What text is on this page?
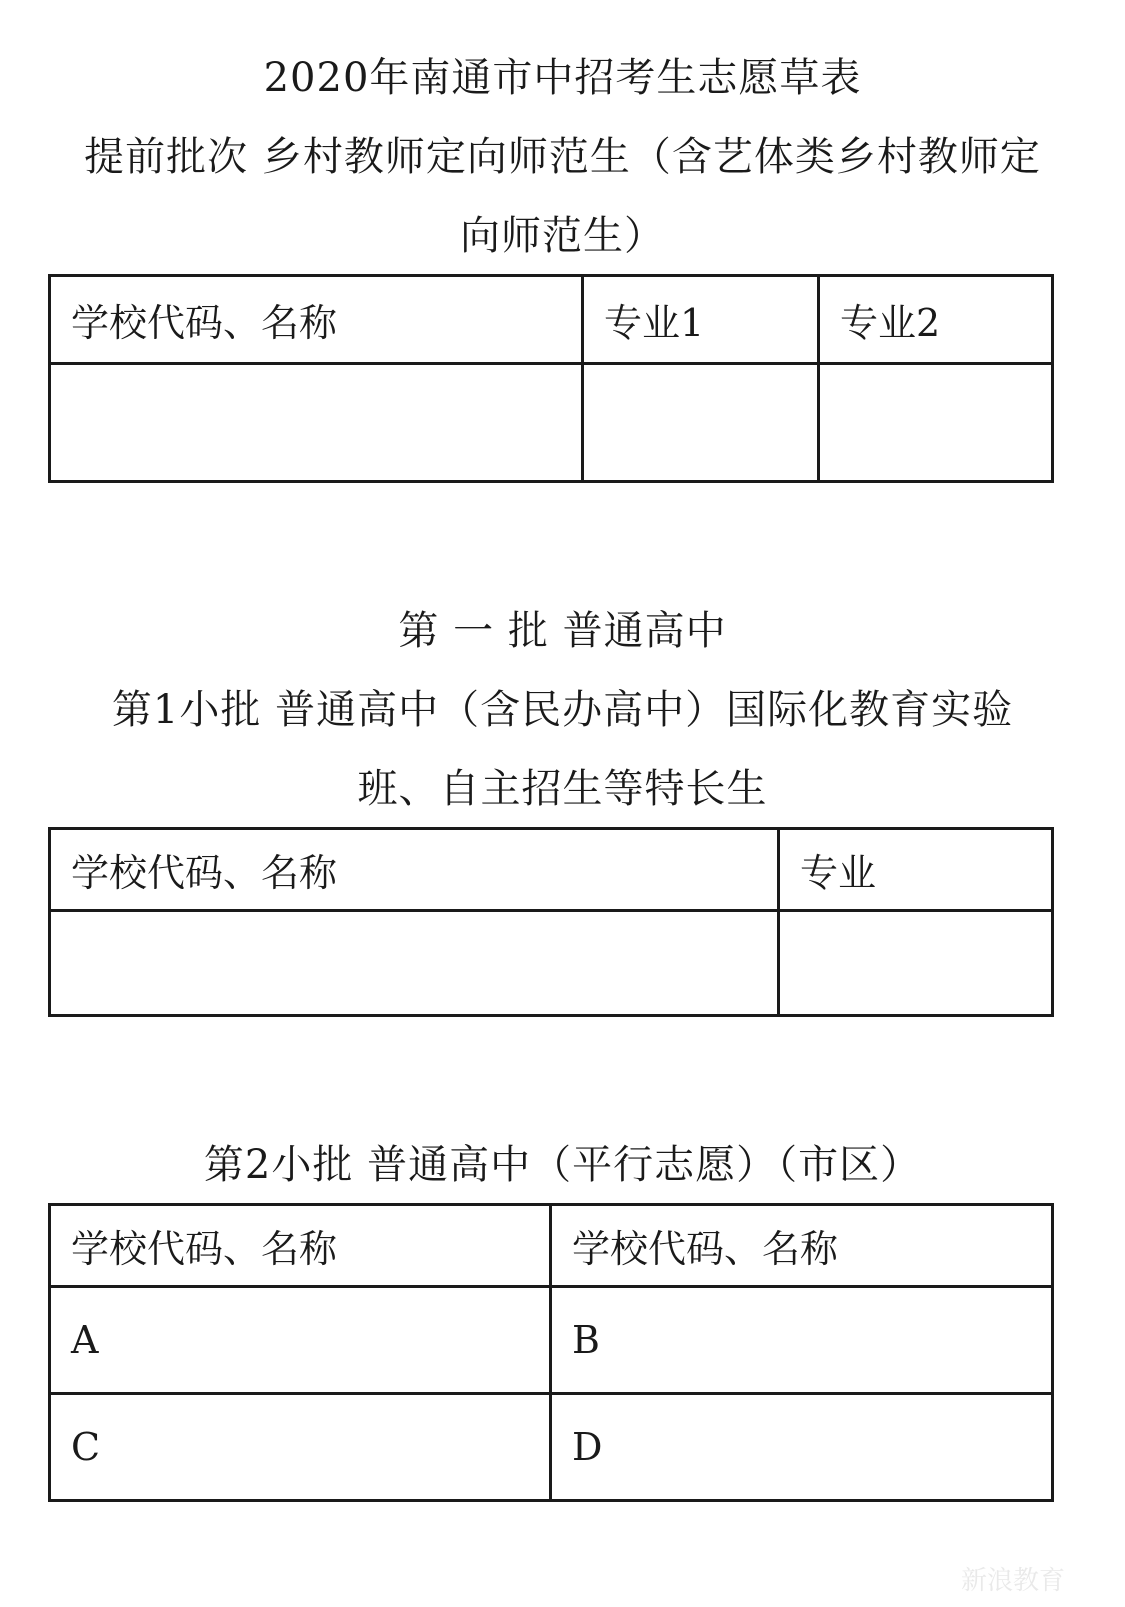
2020年南通市中招考生志愿草表
提前批次 乡村教师定向师范生（含艺体类乡村教师定
向师范生）
学校代码、名称	专业1	专业2

第 一 批 普通高中
第1小批 普通高中（含民办高中）国际化教育实验
班、自主招生等特长生
学校代码、名称	专业

第2小批 普通高中（平行志愿）（市区）
学校代码、名称	学校代码、名称
A	B
C	D
新浪教育
